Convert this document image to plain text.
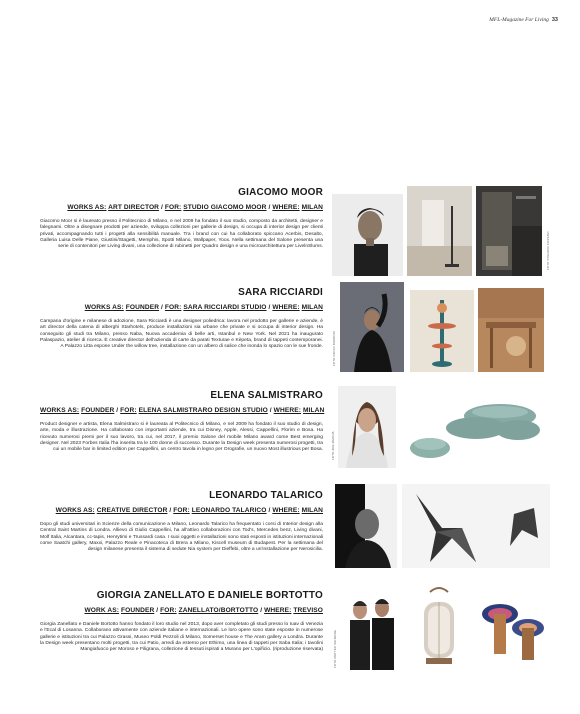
MFL-Magazine For Living 33
GIACOMO MOOR
WORKS AS: ART DIRECTOR / FOR: STUDIO GIACOMO MOOR / WHERE: MILAN

Giacomo Moor si è laureato presso il Politecnico di Milano, e nel 2009 ha fondato il suo studio, composto da architetti, designer e falegnami. Oltre a disegnare prodotti per aziende, sviluppa collezioni per gallerie di design, si occupa di interior design per clienti privati, accompagnando tutti i progetti alla sensibilità manuale. Tra i brand con cui ha collaborato spiccano Acerbis, Desalto, Galleria Luisa Delle Piane, Giustini/Stagetti, Memphis, Spotti Milano, Wallpaper, Yoox. Nella settimana del Salone presenta una serie di contenitori per Living divani, una collezione di rubinetti per Quadro design e una microarchitettura per LivelnSlums.	FOTO STEFANO CASSANI
SARA RICCIARDI
WORKS AS: FOUNDER / FOR: SARA RICCIARDI STUDIO / WHERE: MILAN

Campana d'origine e milanese di adozione, Sara Ricciardi è una designer poliedrica: lavora nel prodotto per gallerie e aziende, è art director della catena di alberghi Starhotels, produce installazioni sia urbane che private e si occupa di interior design. Ha conseguito gli studi tra Milano, presso Naba, Nuova accademia di belle arti, Istanbul e New York. Nel 2021 ha inaugurato Palaspazio, atelier di ricerca. È creative director dell'azienda di carte da parati Texturae e Kèpeta, brand di tappeti contemporanei. A Palazzo Litta espone Under the willow tree, installazione con un albero di salice che inonda lo spazio con le sue fronde.	FOTO PAOLO BARBONI
ELENA SALMISTRARO
WORKS AS: FOUNDER / FOR: ELENA SALMISTRARO DESIGN STUDIO / WHERE: MILAN

Product designer e artista, Elena Salmistraro si è laureata al Politecnico di Milano, e nel 2009 ha fondato il suo studio di design, arte, moda e illustrazione. Ha collaborato con importanti aziende, tra cui Disney, Apple, Alessi, Cappellini, Florim e Bosa. Ha ricevuto numerosi premi per il suo lavoro, tra cui, nel 2017, il premio Salone del mobile Milano award come Best emerging designer. Nel 2023 Forbes Italia l'ha inserita tra le 100 donne di successo. Durante la Design week presenta numerosi progetti, tra cui un mobile bar in limited edition per Cappellini, un centro tavola in legno per Orografie, un nuovo Most illustrious per Bosa.	FOTO ANE MEDINA
LEONARDO TALARICO
WORKS AS: CREATIVE DIRECTOR / FOR: LEONARDO TALARICO / WHERE: MILAN

Dopo gli studi universitari in Scienze della comunicazione a Milano, Leonardo Talarico ha frequentato i corsi di Interior design alla Central Saint Martins di Londra. Allievo di Giulio Cappellini, ha all'attivo collaborazioni con Tod's, Mercedes benz, Living divani, Molf Italia, Alcantara, cc-tapis, Henrytimi e Trussardi casa. I suoi oggetti e installazioni sono stati esposti in istituzioni internazionali come Saatchi gallery, Maxxi, Palazzo Reale e Pinacoteca di Brera a Milano, Kiscell museum di Budapest. Per la settimana del design milanese presenta il sistema di sedute Nia system per Dieffebi, oltre a un'installazione per Nerosicilia.

GIORGIA ZANELLATO E DANIELE BORTOTTO
WORK AS: FOUNDER / FOR: ZANELLATO/BORTOTTO / WHERE: TREVISO

Giorgia Zanellato e Daniele Bortotto hanno fondato il loro studio nel 2013, dopo aver completato gli studi presso lo Iuav di Venezia e l'Ecal di Losanna. Collaborano attivamente con aziende italiane e internazionali. Le loro opere sono state esposte in numerose gallerie e istituzioni tra cui Palazzo Grassi, Museo Poldi Pezzoli di Milano, Somerset house e The Aram gallery a Londra. Durante la Design week presentano molti progetti, tra cui Patio, arredi da esterno per Ethimo, una linea di tappeti per Saba Italia; i tavolini Mangiafuoco per Moroso e Filigrana, collezione di tessuti ispirati a Murano per L'opificio. (riproduzione riservata)	FOTO MATTEO SALMONE
